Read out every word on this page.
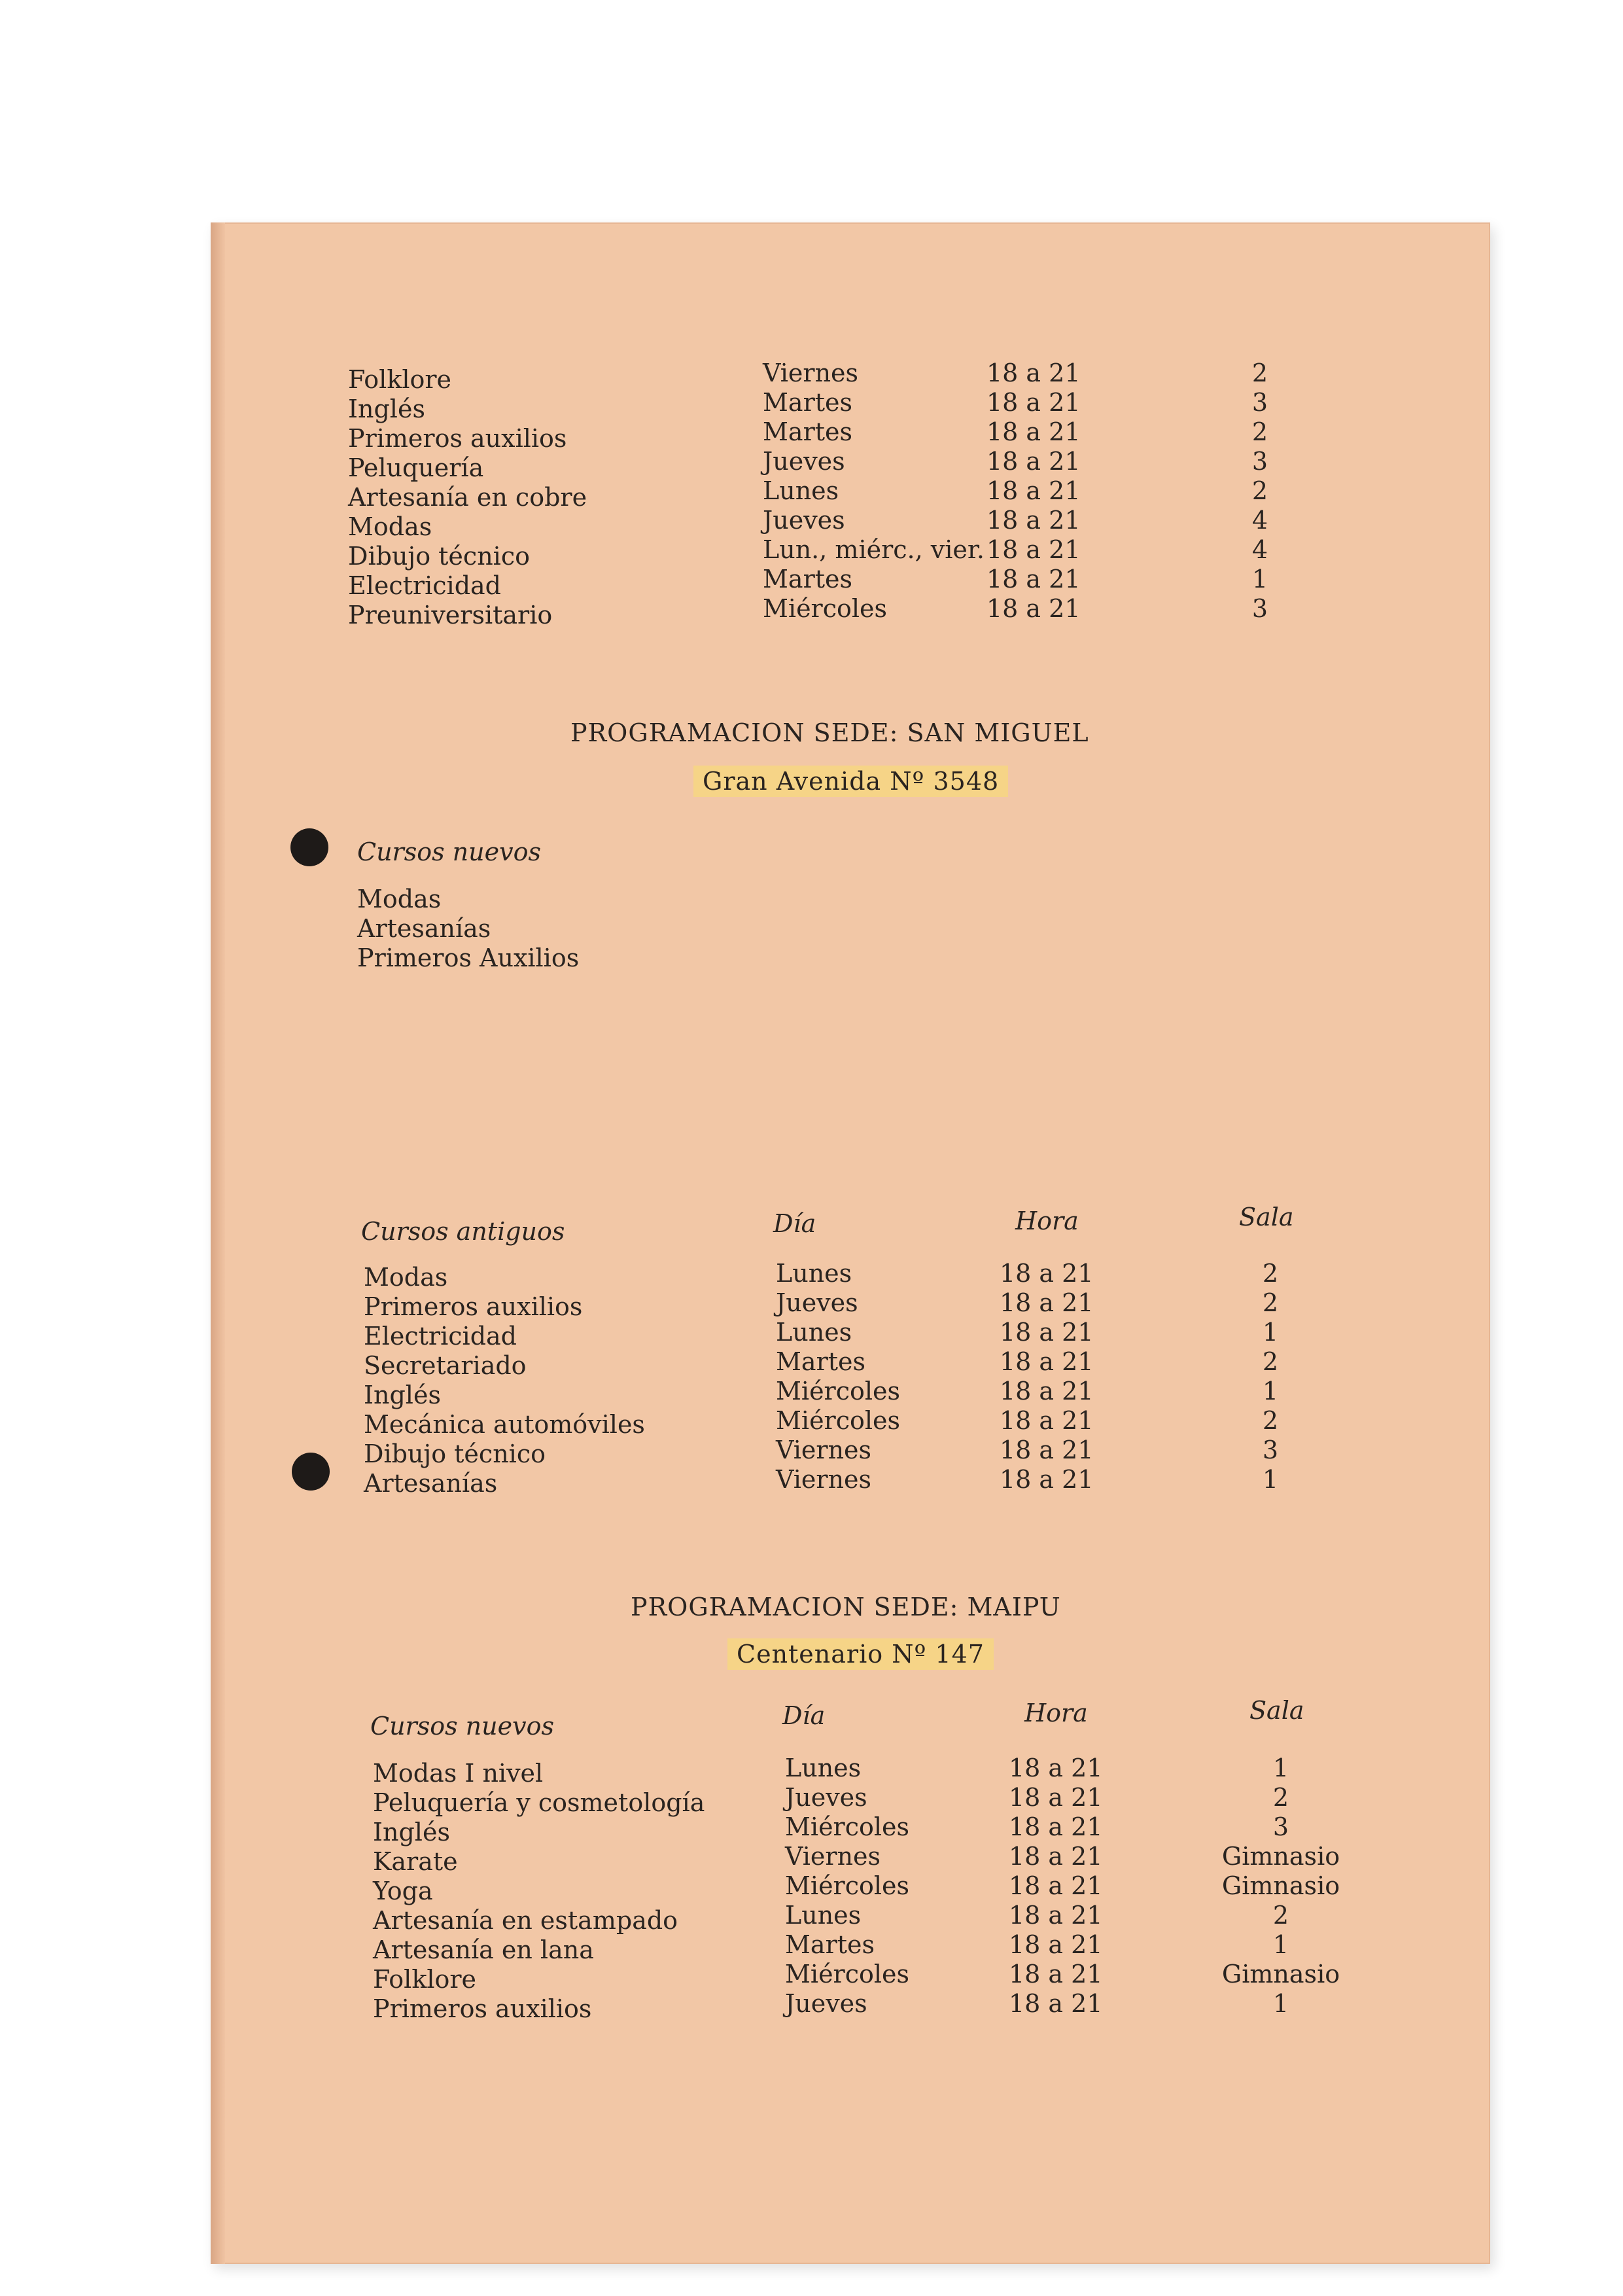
Folklore	Viernes	18 a 21	2
Inglés	Martes	18 a 21	3
Primeros auxilios	Martes	18 a 21	2
Peluquería	Jueves	18 a 21	3
Artesanía en cobre	Lunes	18 a 21	2
Modas	Jueves	18 a 21	4
Dibujo técnico	Lun., miérc., vier. 18 a 21	4
Electricidad	Martes	18 a 21	1
Preuniversitario	Miércoles	18 a 21	3
PROGRAMACION SEDE: SAN MIGUEL
Gran Avenida Nº 3548
Cursos nuevos
Modas
Artesanías
Primeros Auxilios
Cursos antiguos	Día	Hora	Sala
Modas	Lunes	18 a 21	2
Primeros auxilios	Jueves	18 a 21	2
Electricidad	Lunes	18 a 21	1
Secretariado	Martes	18 a 21	2
Inglés	Miércoles	18 a 21	1
Mecánica automóviles	Miércoles	18 a 21	2
Dibujo técnico	Viernes	18 a 21	3
Artesanías	Viernes	18 a 21	1
PROGRAMACION SEDE: MAIPU
Centenario Nº 147
Cursos nuevos	Día	Hora	Sala
Modas I nivel	Lunes	18 a 21	1
Peluquería y cosmetología	Jueves	18 a 21	2
Inglés	Miércoles	18 a 21	3
Karate	Viernes	18 a 21	Gimnasio
Yoga	Miércoles	18 a 21	Gimnasio
Artesanía en estampado	Lunes	18 a 21	2
Artesanía en lana	Martes	18 a 21	1
Folklore	Miércoles	18 a 21	Gimnasio
Primeros auxilios	Jueves	18 a 21	1
